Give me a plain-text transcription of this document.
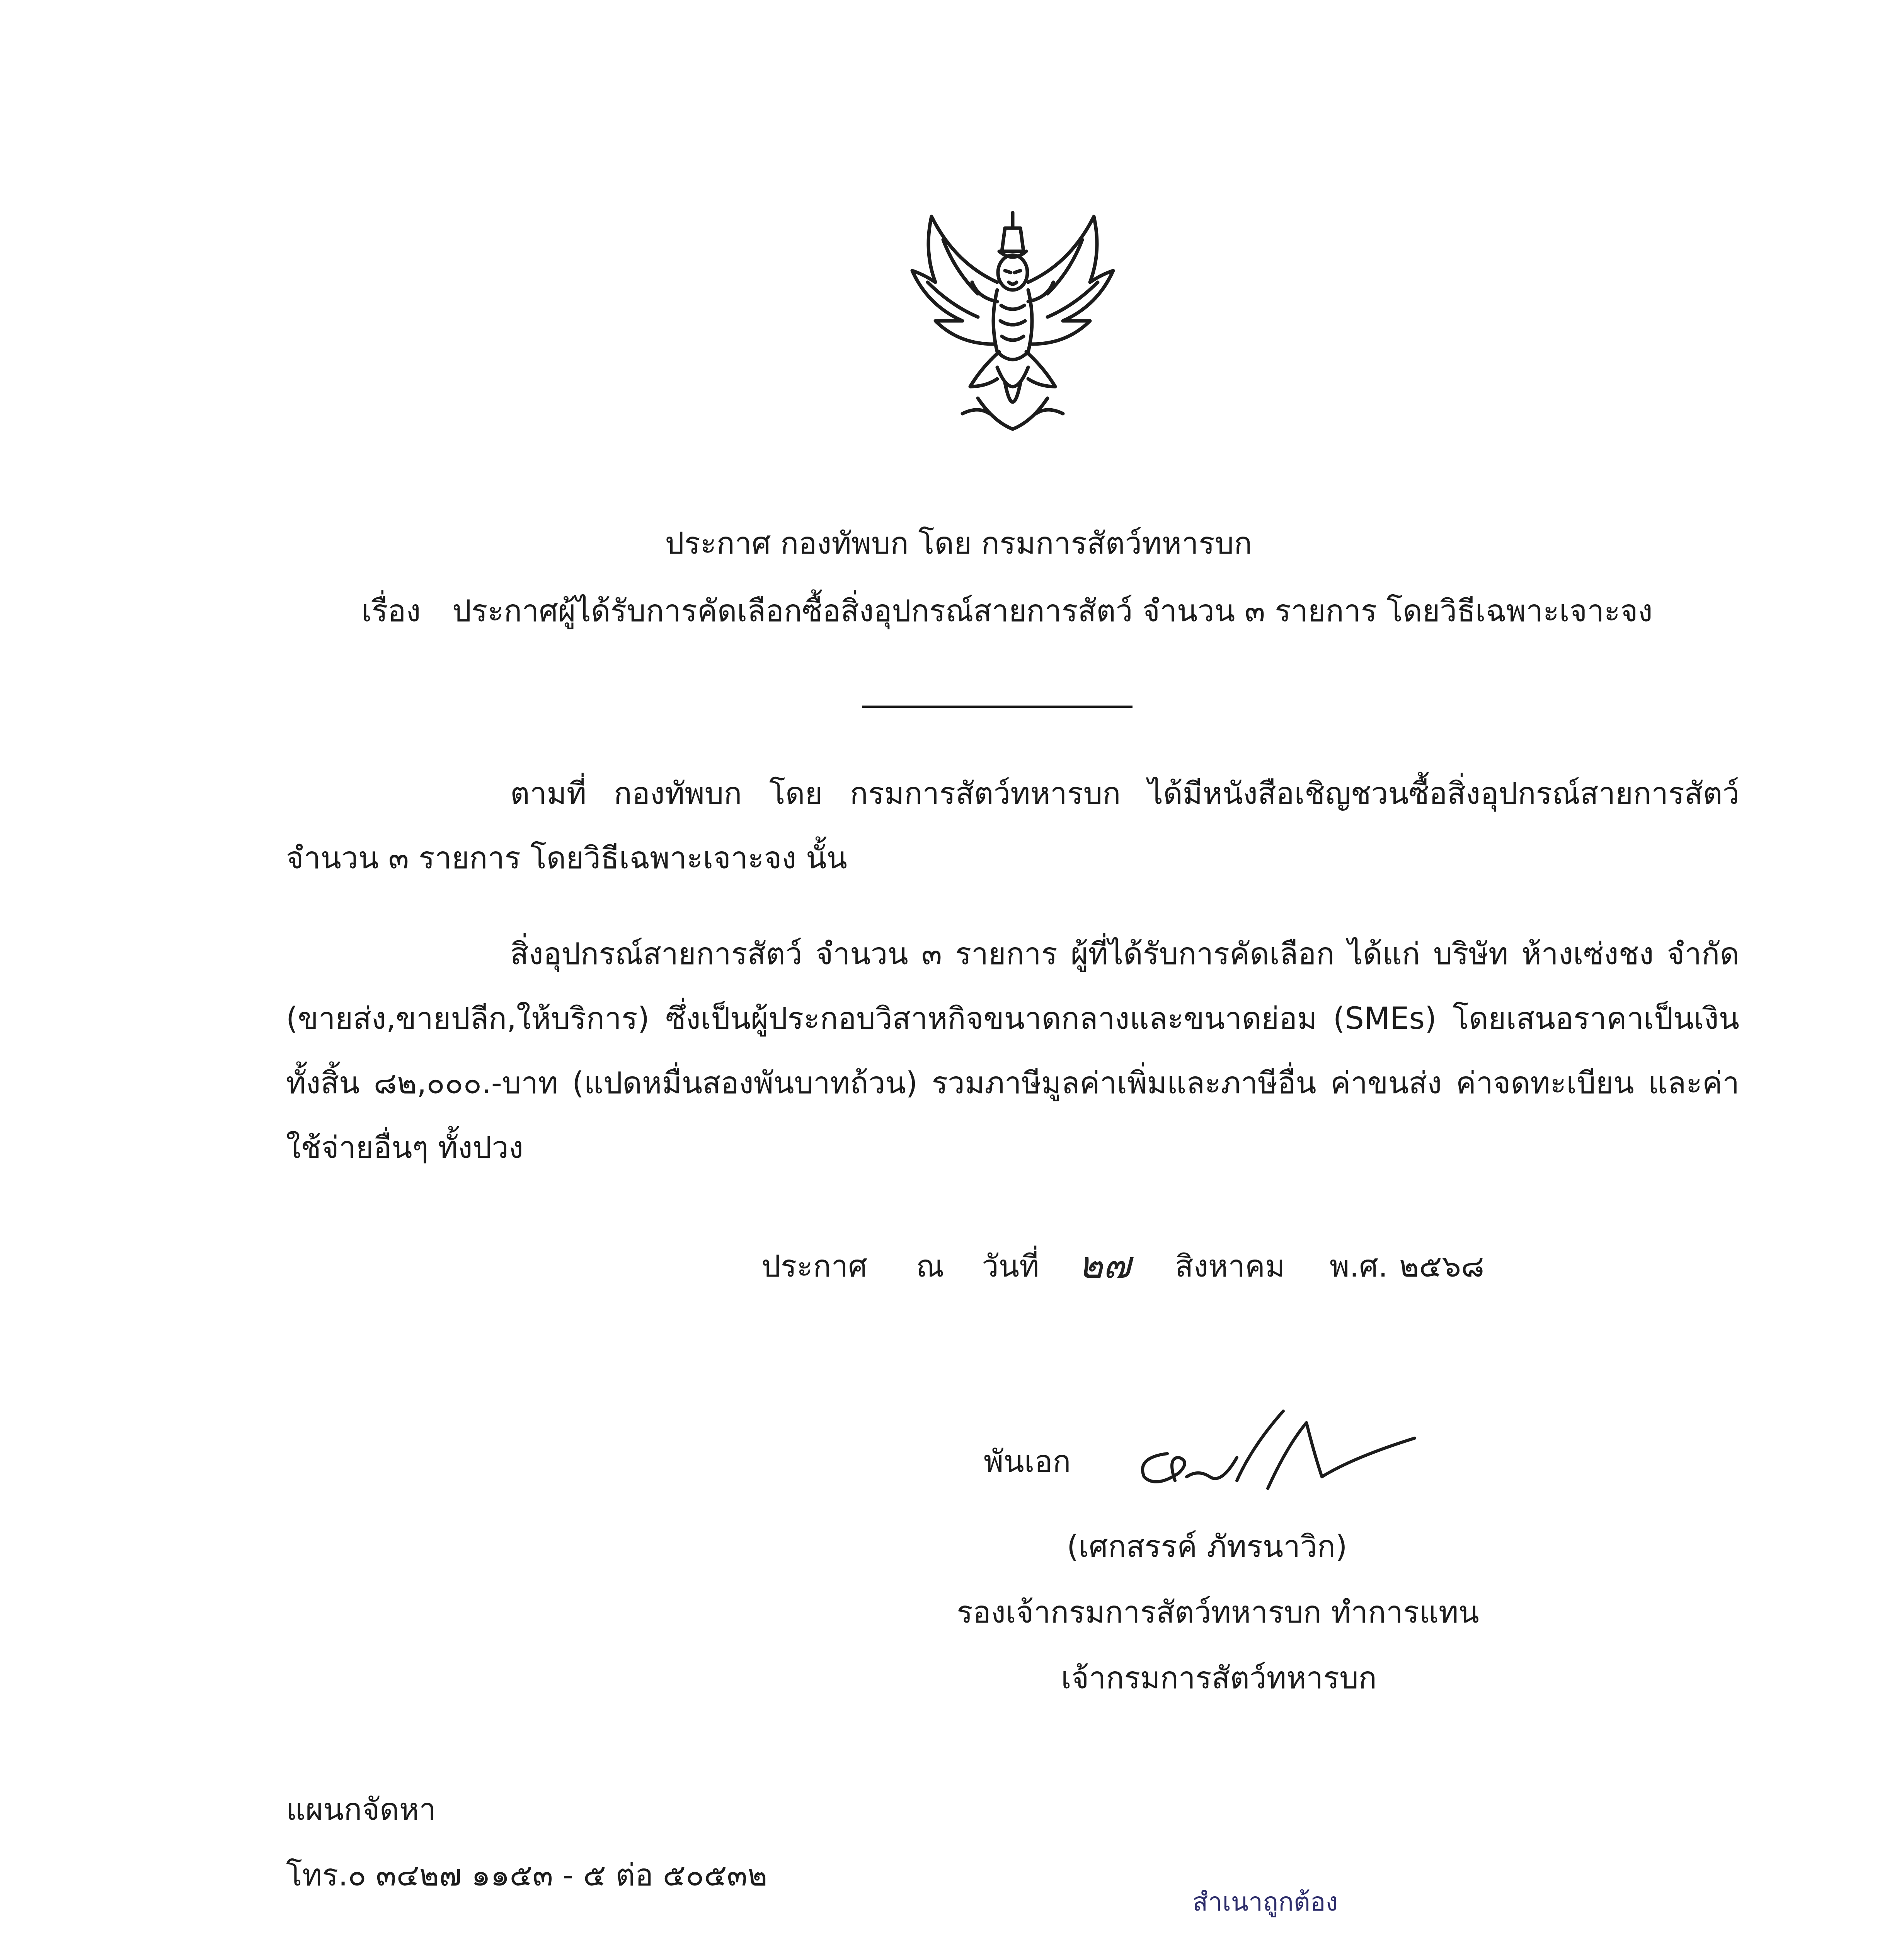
ประกาศ กองทัพบก โดย กรมการสัตว์ทหารบก
เรื่อง ประกาศผู้ได้รับการคัดเลือกซื้อสิ่งอุปกรณ์สายการสัตว์ จำนวน ๓ รายการ โดยวิธีเฉพาะเจาะจง
ตามที่ กองทัพบก โดย กรมการสัตว์ทหารบก ได้มีหนังสือเชิญชวนซื้อสิ่งอุปกรณ์สายการสัตว์ จำนวน ๓ รายการ โดยวิธีเฉพาะเจาะจง นั้น
สิ่งอุปกรณ์สายการสัตว์ จำนวน ๓ รายการ ผู้ที่ได้รับการคัดเลือก ได้แก่ บริษัท ห้างเซ่งชง จำกัด (ขายส่ง,ขายปลีก,ให้บริการ) ซึ่งเป็นผู้ประกอบวิสาหกิจขนาดกลางและขนาดย่อม (SMEs) โดยเสนอราคาเป็นเงินทั้งสิ้น ๘๒,๐๐๐.-บาท (แปดหมื่นสองพันบาทถ้วน) รวมภาษีมูลค่าเพิ่มและภาษีอื่น ค่าขนส่ง ค่าจดทะเบียน และค่าใช้จ่ายอื่นๆ ทั้งปวง
ประกาศ ณ วันที่ ๒๗ สิงหาคม พ.ศ. ๒๕๖๘
พันเอก
(เศกสรรค์ ภัทรนาวิก)
รองเจ้ากรมการสัตว์ทหารบก ทำการแทน
เจ้ากรมการสัตว์ทหารบก
แผนกจัดหา
โทร.๐ ๓๔๒๗ ๑๑๕๓ - ๕ ต่อ ๕๐๕๓๒
สำเนาถูกต้อง
